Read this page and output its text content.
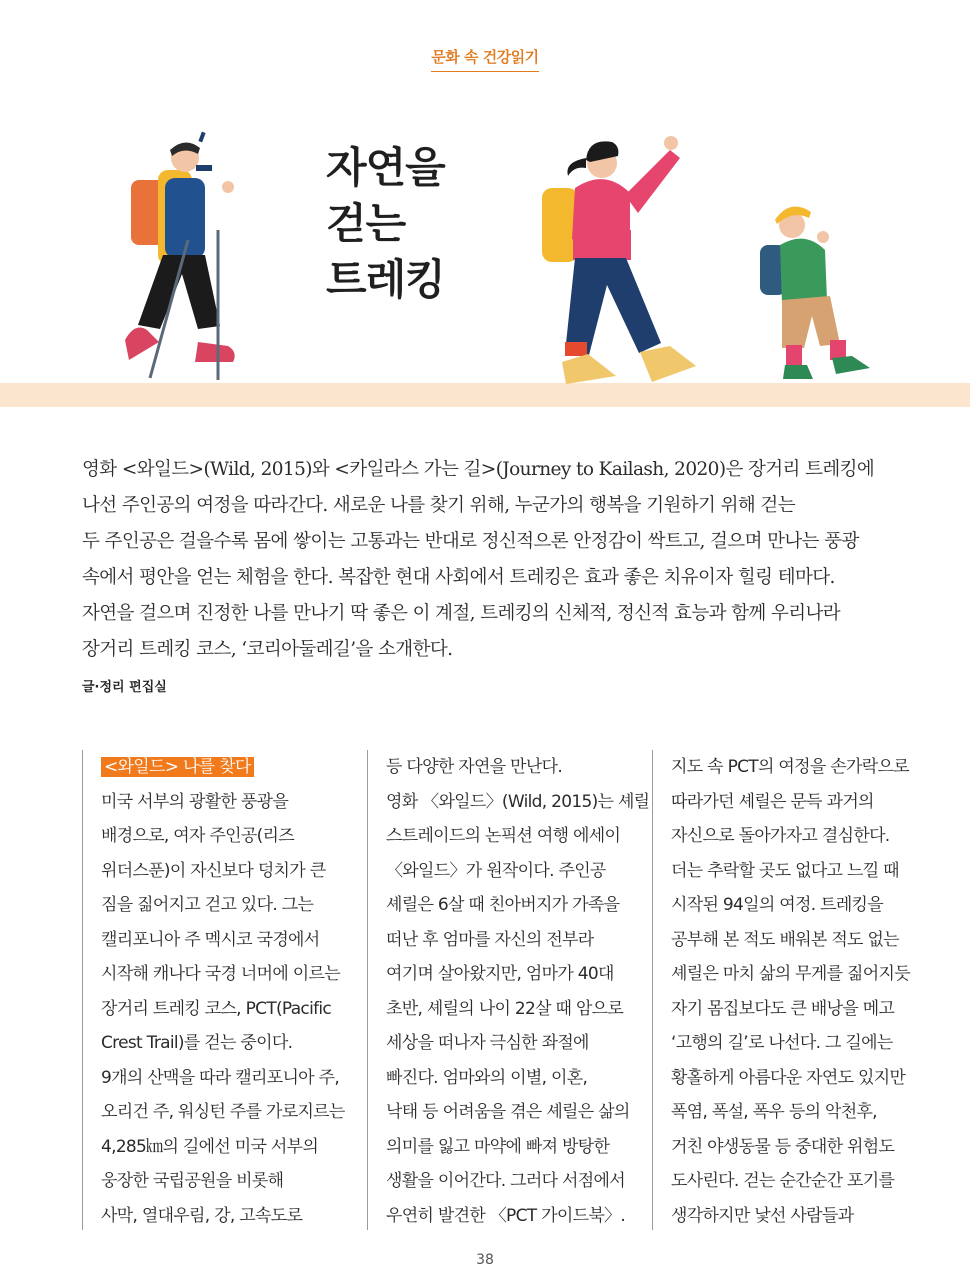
문화 속 건강읽기
자연을
걷는
트레킹
영화 <와일드>(Wild, 2015)와 <카일라스 가는 길>(Journey to Kailash, 2020)은 장거리 트레킹에
나선 주인공의 여정을 따라간다. 새로운 나를 찾기 위해, 누군가의 행복을 기원하기 위해 걷는
두 주인공은 걸을수록 몸에 쌓이는 고통과는 반대로 정신적으론 안정감이 싹트고, 걸으며 만나는 풍광
속에서 평안을 얻는 체험을 한다. 복잡한 현대 사회에서 트레킹은 효과 좋은 치유이자 힐링 테마다.
자연을 걸으며 진정한 나를 만나기 딱 좋은 이 계절, 트레킹의 신체적, 정신적 효능과 함께 우리나라
장거리 트레킹 코스, ‘코리아둘레길’을 소개한다.
글·정리 편집실
<와일드> 나를 찾다
미국 서부의 광활한 풍광을
배경으로, 여자 주인공(리즈
위더스푼)이 자신보다 덩치가 큰
짐을 짊어지고 걷고 있다. 그는
캘리포니아 주 멕시코 국경에서
시작해 캐나다 국경 너머에 이르는
장거리 트레킹 코스, PCT(Pacific
Crest Trail)를 걷는 중이다.
9개의 산맥을 따라 캘리포니아 주,
오리건 주, 워싱턴 주를 가로지르는
4,285㎞의 길에선 미국 서부의
웅장한 국립공원을 비롯해
사막, 열대우림, 강, 고속도로
등 다양한 자연을 만난다.
영화 〈와일드〉(Wild, 2015)는 셰릴
스트레이드의 논픽션 여행 에세이
〈와일드〉가 원작이다. 주인공
셰릴은 6살 때 친아버지가 가족을
떠난 후 엄마를 자신의 전부라
여기며 살아왔지만, 엄마가 40대
초반, 셰릴의 나이 22살 때 암으로
세상을 떠나자 극심한 좌절에
빠진다. 엄마와의 이별, 이혼,
낙태 등 어려움을 겪은 셰릴은 삶의
의미를 잃고 마약에 빠져 방탕한
생활을 이어간다. 그러다 서점에서
우연히 발견한 〈PCT 가이드북〉.
지도 속 PCT의 여정을 손가락으로
따라가던 셰릴은 문득 과거의
자신으로 돌아가자고 결심한다.
더는 추락할 곳도 없다고 느낄 때
시작된 94일의 여정. 트레킹을
공부해 본 적도 배워본 적도 없는
셰릴은 마치 삶의 무게를 짊어지듯
자기 몸집보다도 큰 배낭을 메고
‘고행의 길’로 나선다. 그 길에는
황홀하게 아름다운 자연도 있지만
폭염, 폭설, 폭우 등의 악천후,
거친 야생동물 등 중대한 위험도
도사린다. 걷는 순간순간 포기를
생각하지만 낯선 사람들과
38
